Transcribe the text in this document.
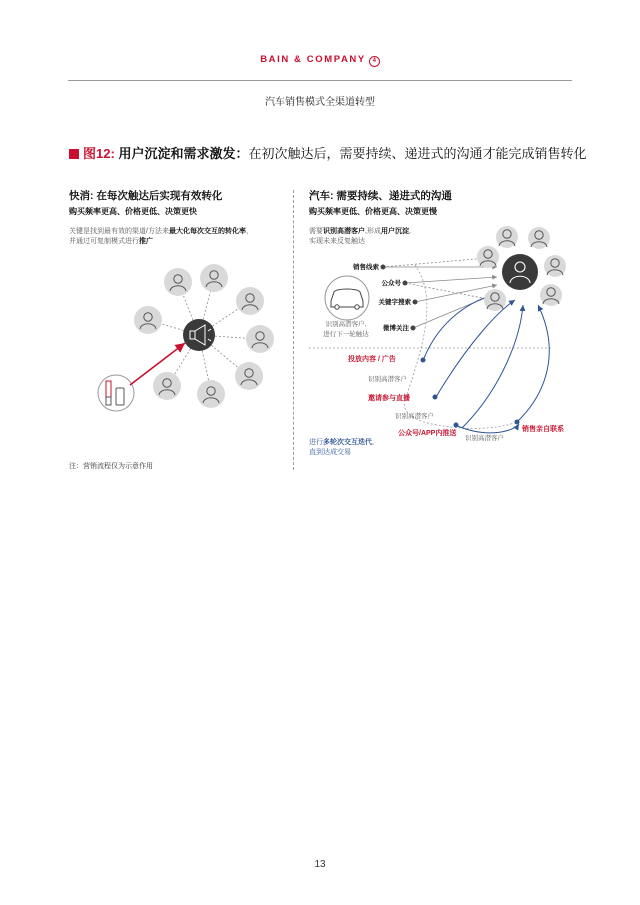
BAIN & COMPANY 4
汽车销售模式全渠道转型
图12: 用户沉淀和需求激发：在初次触达后，需要持续、递进式的沟通才能完成销售转化
快消: 在每次触达后实现有效转化
购买频率更高、价格更低、决策更快
关键是找到最有效的渠道/方法来最大化每次交互的转化率，
并通过可复制模式进行推广
汽车: 需要持续、递进式的沟通
购买频率更低、价格更高、决策更慢
需要识别高潜客户,形成用户沉淀,
实现未来反复触达
销售线索
公众号
关键字搜索
微博关注
识别高潜客户,
进行下一轮触达
投放内容 / 广告
识别高潜客户
邀请参与直播
识别高潜客户
公众号/APP内推送
识别高潜客户
销售亲自联系
进行多轮次交互迭代,
直到达成交易
注：营销流程仅为示意作用
13
